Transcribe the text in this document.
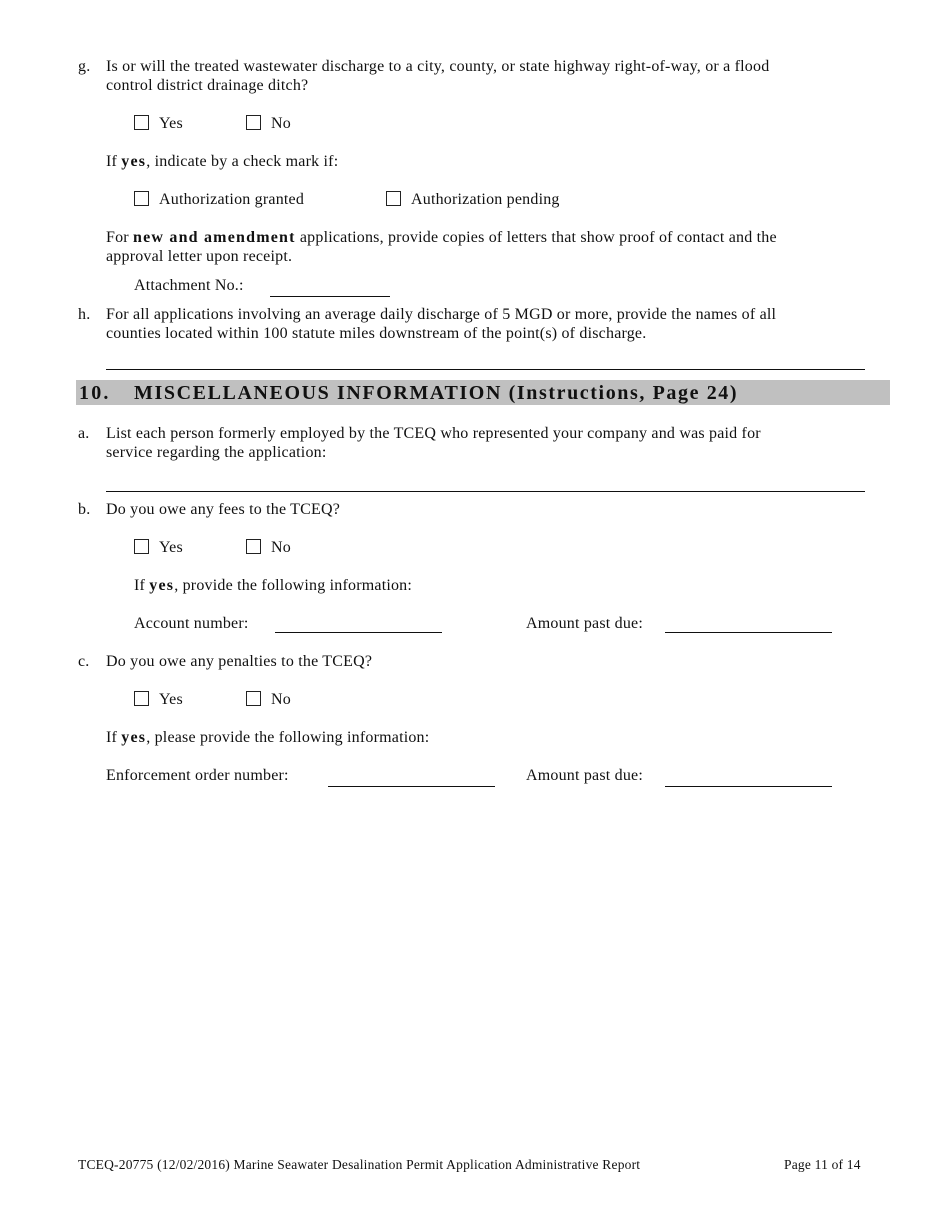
g. Is or will the treated wastewater discharge to a city, county, or state highway right-of-way, or a flood
control district drainage ditch?
Yes	No
If yes, indicate by a check mark if:
Authorization granted	Authorization pending
For new and amendment applications, provide copies of letters that show proof of contact and the
approval letter upon receipt.
Attachment No.:
h. For all applications involving an average daily discharge of 5 MGD or more, provide the names of all
counties located within 100 statute miles downstream of the point(s) of discharge.
10. MISCELLANEOUS INFORMATION (Instructions, Page 24)
a. List each person formerly employed by the TCEQ who represented your company and was paid for
service regarding the application:
b. Do you owe any fees to the TCEQ?
Yes	No
If yes, provide the following information:
Account number:	Amount past due:
c. Do you owe any penalties to the TCEQ?
Yes	No
If yes, please provide the following information:
Enforcement order number:	Amount past due:
TCEQ-20775 (12/02/2016) Marine Seawater Desalination Permit Application Administrative Report	Page 11 of 14
